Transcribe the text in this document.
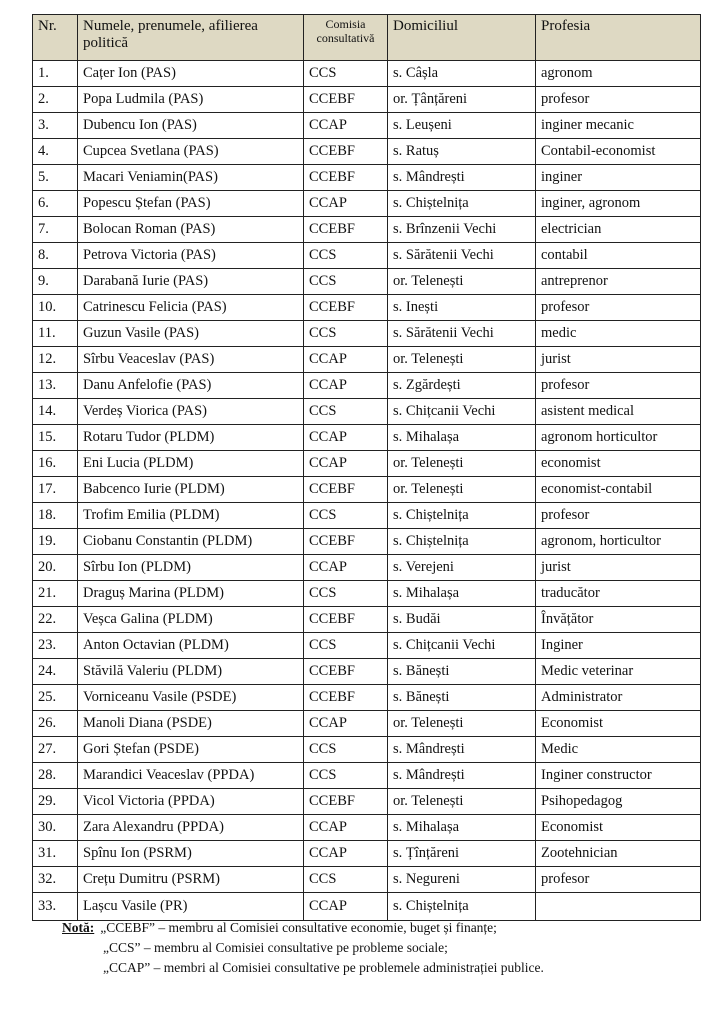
Nr.	Numele, prenumele, afilierea politică	Comisia consultativă	Domiciliul	Profesia
1.	Cațer Ion (PAS)	CCS	s. Câșla	agronom
2.	Popa Ludmila (PAS)	CCEBF	or. Țânțăreni	profesor
3.	Dubencu Ion (PAS)	CCAP	s. Leușeni	inginer mecanic
4.	Cupcea Svetlana (PAS)	CCEBF	s. Ratuș	Contabil-economist
5.	Macari Veniamin(PAS)	CCEBF	s. Mândrești	inginer
6.	Popescu Ștefan (PAS)	CCAP	s. Chiștelnița	inginer, agronom
7.	Bolocan Roman (PAS)	CCEBF	s. Brînzenii Vechi	electrician
8.	Petrova Victoria (PAS)	CCS	s. Sărătenii Vechi	contabil
9.	Darabană Iurie (PAS)	CCS	or. Telenești	antreprenor
10.	Catrinescu Felicia (PAS)	CCEBF	s. Inești	profesor
11.	Guzun Vasile (PAS)	CCS	s. Sărătenii Vechi	medic
12.	Sîrbu Veaceslav (PAS)	CCAP	or. Telenești	jurist
13.	Danu Anfelofie (PAS)	CCAP	s. Zgărdești	profesor
14.	Verdeș Viorica (PAS)	CCS	s. Chițcanii Vechi	asistent medical
15.	Rotaru Tudor (PLDM)	CCAP	s. Mihalașa	agronom horticultor
16.	Eni Lucia (PLDM)	CCAP	or. Telenești	economist
17.	Babcenco Iurie (PLDM)	CCEBF	or. Telenești	economist-contabil
18.	Trofim Emilia (PLDM)	CCS	s. Chiștelnița	profesor
19.	Ciobanu Constantin (PLDM)	CCEBF	s. Chiștelnița	agronom, horticultor
20.	Sîrbu Ion (PLDM)	CCAP	s. Verejeni	jurist
21.	Draguș Marina (PLDM)	CCS	s. Mihalașa	traducător
22.	Veșca Galina (PLDM)	CCEBF	s. Budăi	Învățător
23.	Anton Octavian (PLDM)	CCS	s. Chițcanii Vechi	Inginer
24.	Stăvilă Valeriu (PLDM)	CCEBF	s. Bănești	Medic veterinar
25.	Vorniceanu Vasile (PSDE)	CCEBF	s. Bănești	Administrator
26.	Manoli Diana (PSDE)	CCAP	or. Telenești	Economist
27.	Gori Ștefan (PSDE)	CCS	s. Mândrești	Medic
28.	Marandici Veaceslav (PPDA)	CCS	s. Mândrești	Inginer constructor
29.	Vicol Victoria (PPDA)	CCEBF	or. Telenești	Psihopedagog
30.	Zara Alexandru (PPDA)	CCAP	s. Mihalașa	Economist
31.	Spînu Ion (PSRM)	CCAP	s. Țînțăreni	Zootehnician
32.	Crețu Dumitru (PSRM)	CCS	s. Negureni	profesor
33.	Lașcu Vasile (PR)	CCAP	s. Chiștelnița	
Notă: „CCEBF” – membru al Comisiei consultative economie, buget și finanțe;
„CCS” – membru al Comisiei consultative pe probleme sociale;
„CCAP” – membri al Comisiei consultative pe problemele administrației publice.
